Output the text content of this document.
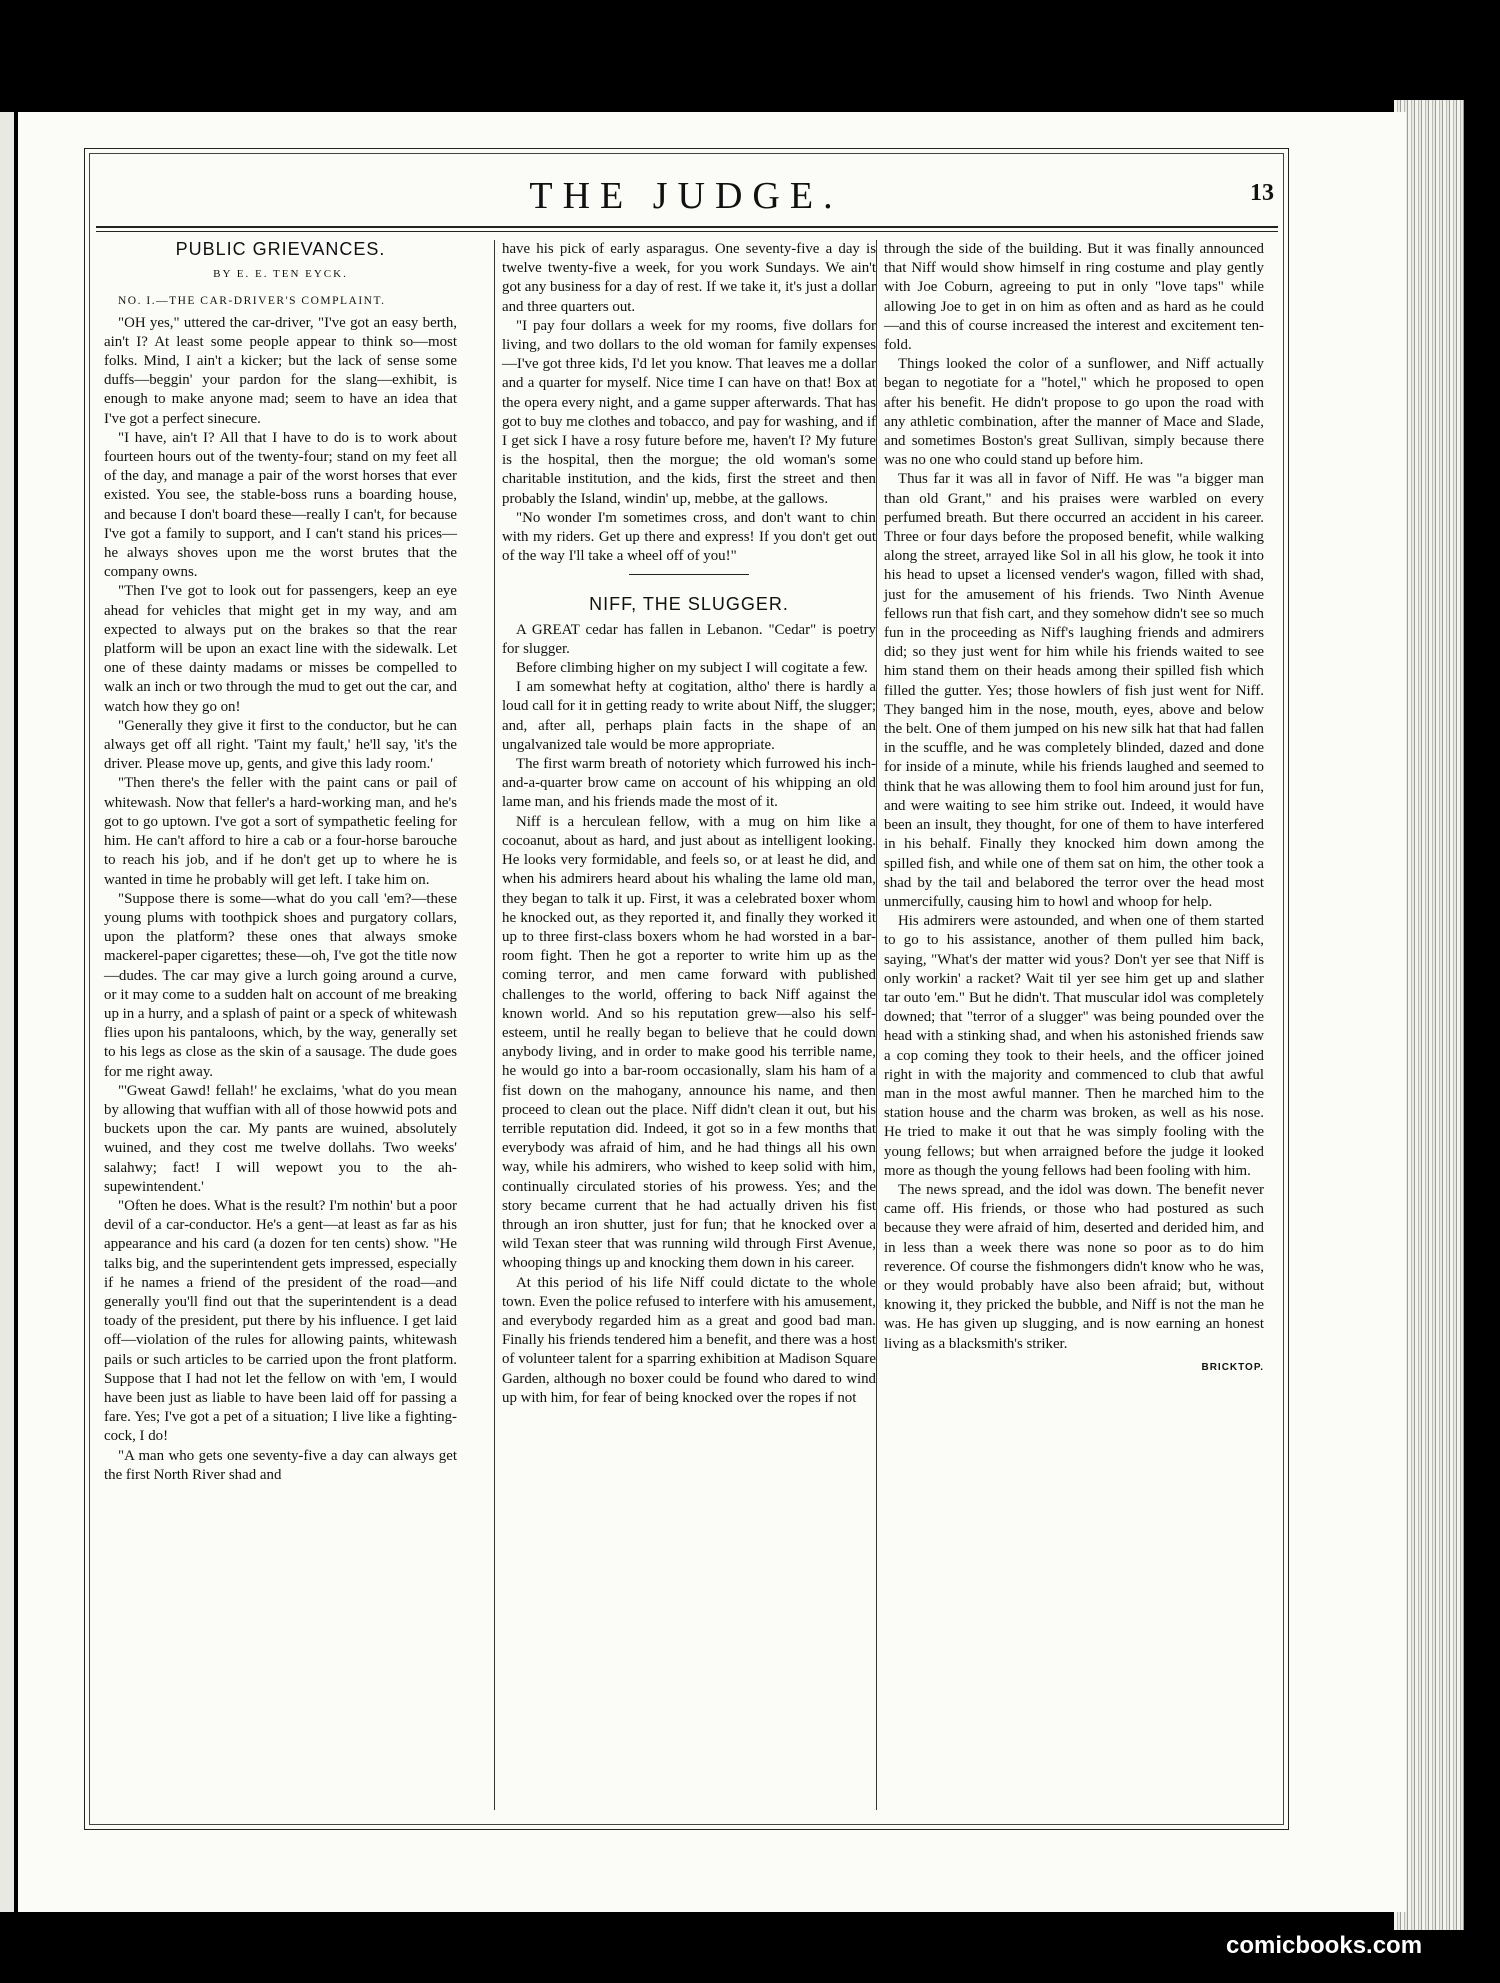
THE JUDGE.	13
PUBLIC GRIEVANCES.
BY E. E. TEN EYCK.
NO. I.—THE CAR-DRIVER'S COMPLAINT.

"OH yes," uttered the car-driver, "I've got an easy berth, ain't I? At least some people appear to think so—most folks. Mind, I ain't a kicker; but the lack of sense some duffs—beggin' your pardon for the slang—exhibit, is enough to make anyone mad; seem to have an idea that I've got a perfect sinecure.

"I have, ain't I? All that I have to do is to work about fourteen hours out of the twenty-four; stand on my feet all of the day, and manage a pair of the worst horses that ever existed. You see, the stable-boss runs a boarding house, and because I don't board these—really I can't, for because I've got a family to support, and I can't stand his prices—he always shoves upon me the worst brutes that the company owns.

"Then I've got to look out for passengers, keep an eye ahead for vehicles that might get in my way, and am expected to always put on the brakes so that the rear platform will be upon an exact line with the sidewalk. Let one of these dainty madams or misses be compelled to walk an inch or two through the mud to get out the car, and watch how they go on!

"Generally they give it first to the conductor, but he can always get off all right. 'Taint my fault,' he'll say, 'it's the driver. Please move up, gents, and give this lady room.'

"Then there's the feller with the paint cans or pail of whitewash. Now that feller's a hard-working man, and he's got to go uptown. I've got a sort of sympathetic feeling for him. He can't afford to hire a cab or a four-horse barouche to reach his job, and if he don't get up to where he is wanted in time he probably will get left. I take him on.

"Suppose there is some—what do you call 'em?—these young plums with toothpick shoes and purgatory collars, upon the platform? these ones that always smoke mackerel-paper cigarettes; these—oh, I've got the title now—dudes. The car may give a lurch going around a curve, or it may come to a sudden halt on account of me breaking up in a hurry, and a splash of paint or a speck of whitewash flies upon his pantaloons, which, by the way, generally set to his legs as close as the skin of a sausage. The dude goes for me right away.

"'Gweat Gawd! fellah!' he exclaims, 'what do you mean by allowing that wuffian with all of those howwid pots and buckets upon the car. My pants are wuined, absolutely wuined, and they cost me twelve dollahs. Two weeks' salahwy; fact! I will wepowt you to the ah-supewintendent.'

"Often he does. What is the result? I'm nothin' but a poor devil of a car-conductor. He's a gent—at least as far as his appearance and his card (a dozen for ten cents) show. "He talks big, and the superintendent gets impressed, especially if he names a friend of the president of the road—and generally you'll find out that the superintendent is a dead toady of the president, put there by his influence. I get laid off—violation of the rules for allowing paints, whitewash pails or such articles to be carried upon the front platform. Suppose that I had not let the fellow on with 'em, I would have been just as liable to have been laid off for passing a fare. Yes; I've got a pet of a situation; I live like a fighting-cock, I do!

"A man who gets one seventy-five a day can always get the first North River shad and

have his pick of early asparagus. One seventy-five a day is twelve twenty-five a week, for you work Sundays. We ain't got any business for a day of rest. If we take it, it's just a dollar and three quarters out.

"I pay four dollars a week for my rooms, five dollars for living, and two dollars to the old woman for family expenses—I've got three kids, I'd let you know. That leaves me a dollar and a quarter for myself. Nice time I can have on that! Box at the opera every night, and a game supper afterwards. That has got to buy me clothes and tobacco, and pay for washing, and if I get sick I have a rosy future before me, haven't I? My future is the hospital, then the morgue; the old woman's some charitable institution, and the kids, first the street and then probably the Island, windin' up, mebbe, at the gallows.

"No wonder I'm sometimes cross, and don't want to chin with my riders. Get up there and express! If you don't get out of the way I'll take a wheel off of you!"

NIFF, THE SLUGGER.

A GREAT cedar has fallen in Lebanon. "Cedar" is poetry for slugger.

Before climbing higher on my subject I will cogitate a few.

I am somewhat hefty at cogitation, altho' there is hardly a loud call for it in getting ready to write about Niff, the slugger; and, after all, perhaps plain facts in the shape of an ungalvanized tale would be more appropriate.

The first warm breath of notoriety which furrowed his inch-and-a-quarter brow came on account of his whipping an old lame man, and his friends made the most of it.

Niff is a herculean fellow, with a mug on him like a cocoanut, about as hard, and just about as intelligent looking. He looks very formidable, and feels so, or at least he did, and when his admirers heard about his whaling the lame old man, they began to talk it up. First, it was a celebrated boxer whom he knocked out, as they reported it, and finally they worked it up to three first-class boxers whom he had worsted in a bar-room fight. Then he got a reporter to write him up as the coming terror, and men came forward with published challenges to the world, offering to back Niff against the known world. And so his reputation grew—also his self-esteem, until he really began to believe that he could down anybody living, and in order to make good his terrible name, he would go into a bar-room occasionally, slam his ham of a fist down on the mahogany, announce his name, and then proceed to clean out the place. Niff didn't clean it out, but his terrible reputation did. Indeed, it got so in a few months that everybody was afraid of him, and he had things all his own way, while his admirers, who wished to keep solid with him, continually circulated stories of his prowess. Yes; and the story became current that he had actually driven his fist through an iron shutter, just for fun; that he knocked over a wild Texan steer that was running wild through First Avenue, whooping things up and knocking them down in his career.

At this period of his life Niff could dictate to the whole town. Even the police refused to interfere with his amusement, and everybody regarded him as a great and good bad man. Finally his friends tendered him a benefit, and there was a host of volunteer talent for a sparring exhibition at Madison Square Garden, although no boxer could be found who dared to wind up with him, for fear of being knocked over the ropes if not

through the side of the building. But it was finally announced that Niff would show himself in ring costume and play gently with Joe Coburn, agreeing to put in only "love taps" while allowing Joe to get in on him as often and as hard as he could—and this of course increased the interest and excitement ten-fold.

Things looked the color of a sunflower, and Niff actually began to negotiate for a "hotel," which he proposed to open after his benefit. He didn't propose to go upon the road with any athletic combination, after the manner of Mace and Slade, and sometimes Boston's great Sullivan, simply because there was no one who could stand up before him.

Thus far it was all in favor of Niff. He was "a bigger man than old Grant," and his praises were warbled on every perfumed breath. But there occurred an accident in his career. Three or four days before the proposed benefit, while walking along the street, arrayed like Sol in all his glow, he took it into his head to upset a licensed vender's wagon, filled with shad, just for the amusement of his friends. Two Ninth Avenue fellows run that fish cart, and they somehow didn't see so much fun in the proceeding as Niff's laughing friends and admirers did; so they just went for him while his friends waited to see him stand them on their heads among their spilled fish which filled the gutter. Yes; those howlers of fish just went for Niff. They banged him in the nose, mouth, eyes, above and below the belt. One of them jumped on his new silk hat that had fallen in the scuffle, and he was completely blinded, dazed and done for inside of a minute, while his friends laughed and seemed to think that he was allowing them to fool him around just for fun, and were waiting to see him strike out. Indeed, it would have been an insult, they thought, for one of them to have interfered in his behalf. Finally they knocked him down among the spilled fish, and while one of them sat on him, the other took a shad by the tail and belabored the terror over the head most unmercifully, causing him to howl and whoop for help.

His admirers were astounded, and when one of them started to go to his assistance, another of them pulled him back, saying, "What's der matter wid yous? Don't yer see that Niff is only workin' a racket? Wait til yer see him get up and slather tar outo 'em." But he didn't. That muscular idol was completely downed; that "terror of a slugger" was being pounded over the head with a stinking shad, and when his astonished friends saw a cop coming they took to their heels, and the officer joined right in with the majority and commenced to club that awful man in the most awful manner. Then he marched him to the station house and the charm was broken, as well as his nose. He tried to make it out that he was simply fooling with the young fellows; but when arraigned before the judge it looked more as though the young fellows had been fooling with him.

The news spread, and the idol was down. The benefit never came off. His friends, or those who had postured as such because they were afraid of him, deserted and derided him, and in less than a week there was none so poor as to do him reverence. Of course the fishmongers didn't know who he was, or they would probably have also been afraid; but, without knowing it, they pricked the bubble, and Niff is not the man he was. He has given up slugging, and is now earning an honest living as a blacksmith's striker.

BRICKTOP.
comicbooks.com
